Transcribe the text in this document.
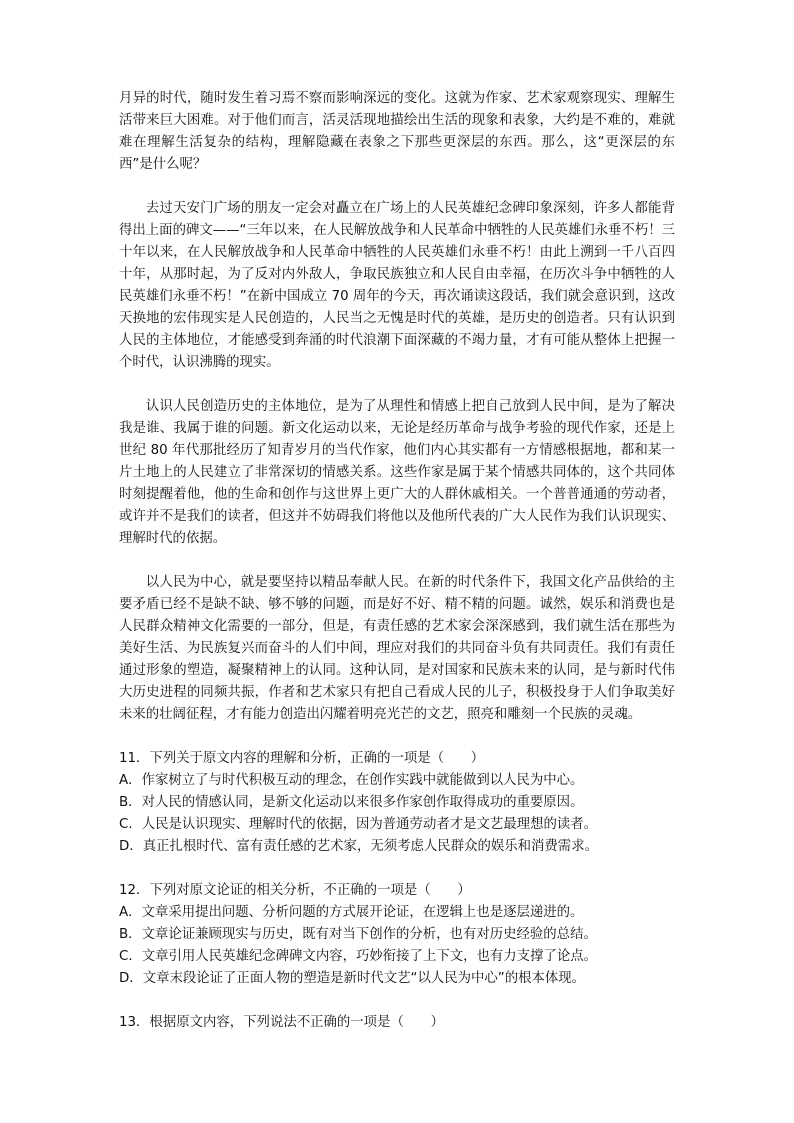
月异的时代，随时发生着习焉不察而影响深远的变化。这就为作家、艺术家观察现实、理解生活带来巨大困难。对于他们而言，活灵活现地描绘出生活的现象和表象，大约是不难的，难就难在理解生活复杂的结构，理解隐藏在表象之下那些更深层的东西。那么，这“更深层的东西”是什么呢？

去过天安门广场的朋友一定会对矗立在广场上的人民英雄纪念碑印象深刻，许多人都能背得出上面的碑文——“三年以来，在人民解放战争和人民革命中牺牲的人民英雄们永垂不朽！三十年以来，在人民解放战争和人民革命中牺牲的人民英雄们永垂不朽！由此上溯到一千八百四十年，从那时起，为了反对内外敌人，争取民族独立和人民自由幸福，在历次斗争中牺牲的人民英雄们永垂不朽！”在新中国成立 70 周年的今天，再次诵读这段话，我们就会意识到，这改天换地的宏伟现实是人民创造的，人民当之无愧是时代的英雄，是历史的创造者。只有认识到人民的主体地位，才能感受到奔涌的时代浪潮下面深藏的不竭力量，才有可能从整体上把握一个时代，认识沸腾的现实。

认识人民创造历史的主体地位，是为了从理性和情感上把自己放到人民中间，是为了解决我是谁、我属于谁的问题。新文化运动以来，无论是经历革命与战争考验的现代作家，还是上世纪 80 年代那批经历了知青岁月的当代作家，他们内心其实都有一方情感根据地，都和某一片土地上的人民建立了非常深切的情感关系。这些作家是属于某个情感共同体的，这个共同体时刻提醒着他，他的生命和创作与这世界上更广大的人群休戚相关。一个普普通通的劳动者，或许并不是我们的读者，但这并不妨碍我们将他以及他所代表的广大人民作为我们认识现实、理解时代的依据。

以人民为中心，就是要坚持以精品奉献人民。在新的时代条件下，我国文化产品供给的主要矛盾已经不是缺不缺、够不够的问题，而是好不好、精不精的问题。诚然，娱乐和消费也是人民群众精神文化需要的一部分，但是，有责任感的艺术家会深深感到，我们就生活在那些为美好生活、为民族复兴而奋斗的人们中间，理应对我们的共同奋斗负有共同责任。我们有责任通过形象的塑造，凝聚精神上的认同。这种认同，是对国家和民族未来的认同，是与新时代伟大历史进程的同频共振，作者和艺术家只有把自己看成人民的儿子，积极投身于人们争取美好未来的壮阔征程，才有能力创造出闪耀着明亮光芒的文艺，照亮和雕刻一个民族的灵魂。

11．下列关于原文内容的理解和分析，正确的一项是（　　）

A．作家树立了与时代积极互动的理念，在创作实践中就能做到以人民为中心。

B．对人民的情感认同，是新文化运动以来很多作家创作取得成功的重要原因。

C．人民是认识现实、理解时代的依据，因为普通劳动者才是文艺最理想的读者。

D．真正扎根时代、富有责任感的艺术家，无须考虑人民群众的娱乐和消费需求。

12．下列对原文论证的相关分析，不正确的一项是（　　）

A．文章采用提出问题、分析问题的方式展开论证，在逻辑上也是逐层递进的。

B．文章论证兼顾现实与历史，既有对当下创作的分析，也有对历史经验的总结。

C．文章引用人民英雄纪念碑碑文内容，巧妙衔接了上下文，也有力支撑了论点。

D．文章末段论证了正面人物的塑造是新时代文艺“以人民为中心”的根本体现。

13．根据原文内容，下列说法不正确的一项是（　　）
